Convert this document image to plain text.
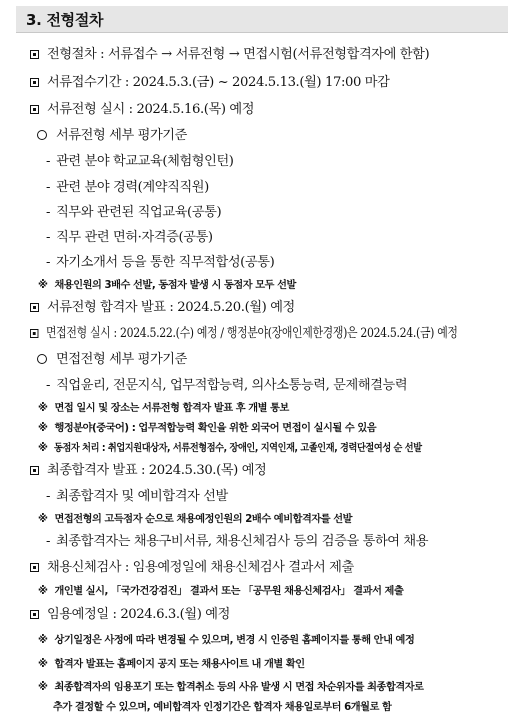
3. 전형절차
전형절차 : 서류접수 → 서류전형 → 면접시험(서류전형합격자에 한함)
서류접수기간 : 2024.5.3.(금) ~ 2024.5.13.(월) 17:00 마감
서류전형 실시 : 2024.5.16.(목) 예정
서류전형 세부 평가기준
- 관련 분야 학교교육(체험형인턴)
- 관련 분야 경력(계약직직원)
- 직무와 관련된 직업교육(공통)
- 직무 관련 면허·자격증(공통)
- 자기소개서 등을 통한 직무적합성(공통)
※ 채용인원의 3배수 선발, 동점자 발생 시 동점자 모두 선발
서류전형 합격자 발표 : 2024.5.20.(월) 예정
면접전형 실시 : 2024.5.22.(수) 예정 / 행정분야(장애인제한경쟁)은 2024.5.24.(금) 예정
면접전형 세부 평가기준
- 직업윤리, 전문지식, 업무적합능력, 의사소통능력, 문제해결능력
※ 면접 일시 및 장소는 서류전형 합격자 발표 후 개별 통보
※ 행정분야(중국어) : 업무적합능력 확인을 위한 외국어 면접이 실시될 수 있음
※ 동점자 처리 : 취업지원대상자, 서류전형점수, 장애인, 지역인재, 고졸인재, 경력단절여성 순 선발
최종합격자 발표 : 2024.5.30.(목) 예정
- 최종합격자 및 예비합격자 선발
※ 면접전형의 고득점자 순으로 채용예정인원의 2배수 예비합격자를 선발
- 최종합격자는 채용구비서류, 채용신체검사 등의 검증을 통하여 채용
채용신체검사 : 임용예정일에 채용신체검사 결과서 제출
※ 개인별 실시, 「국가건강검진」 결과서 또는 「공무원 채용신체검사」 결과서 제출
임용예정일 : 2024.6.3.(월) 예정
※ 상기일정은 사정에 따라 변경될 수 있으며, 변경 시 인증원 홈페이지를 통해 안내 예정
※ 합격자 발표는 홈페이지 공지 또는 채용사이트 내 개별 확인
※ 최종합격자의 임용포기 또는 합격취소 등의 사유 발생 시 면접 차순위자를 최종합격자로
추가 결정할 수 있으며, 예비합격자 인정기간은 합격자 채용일로부터 6개월로 함
